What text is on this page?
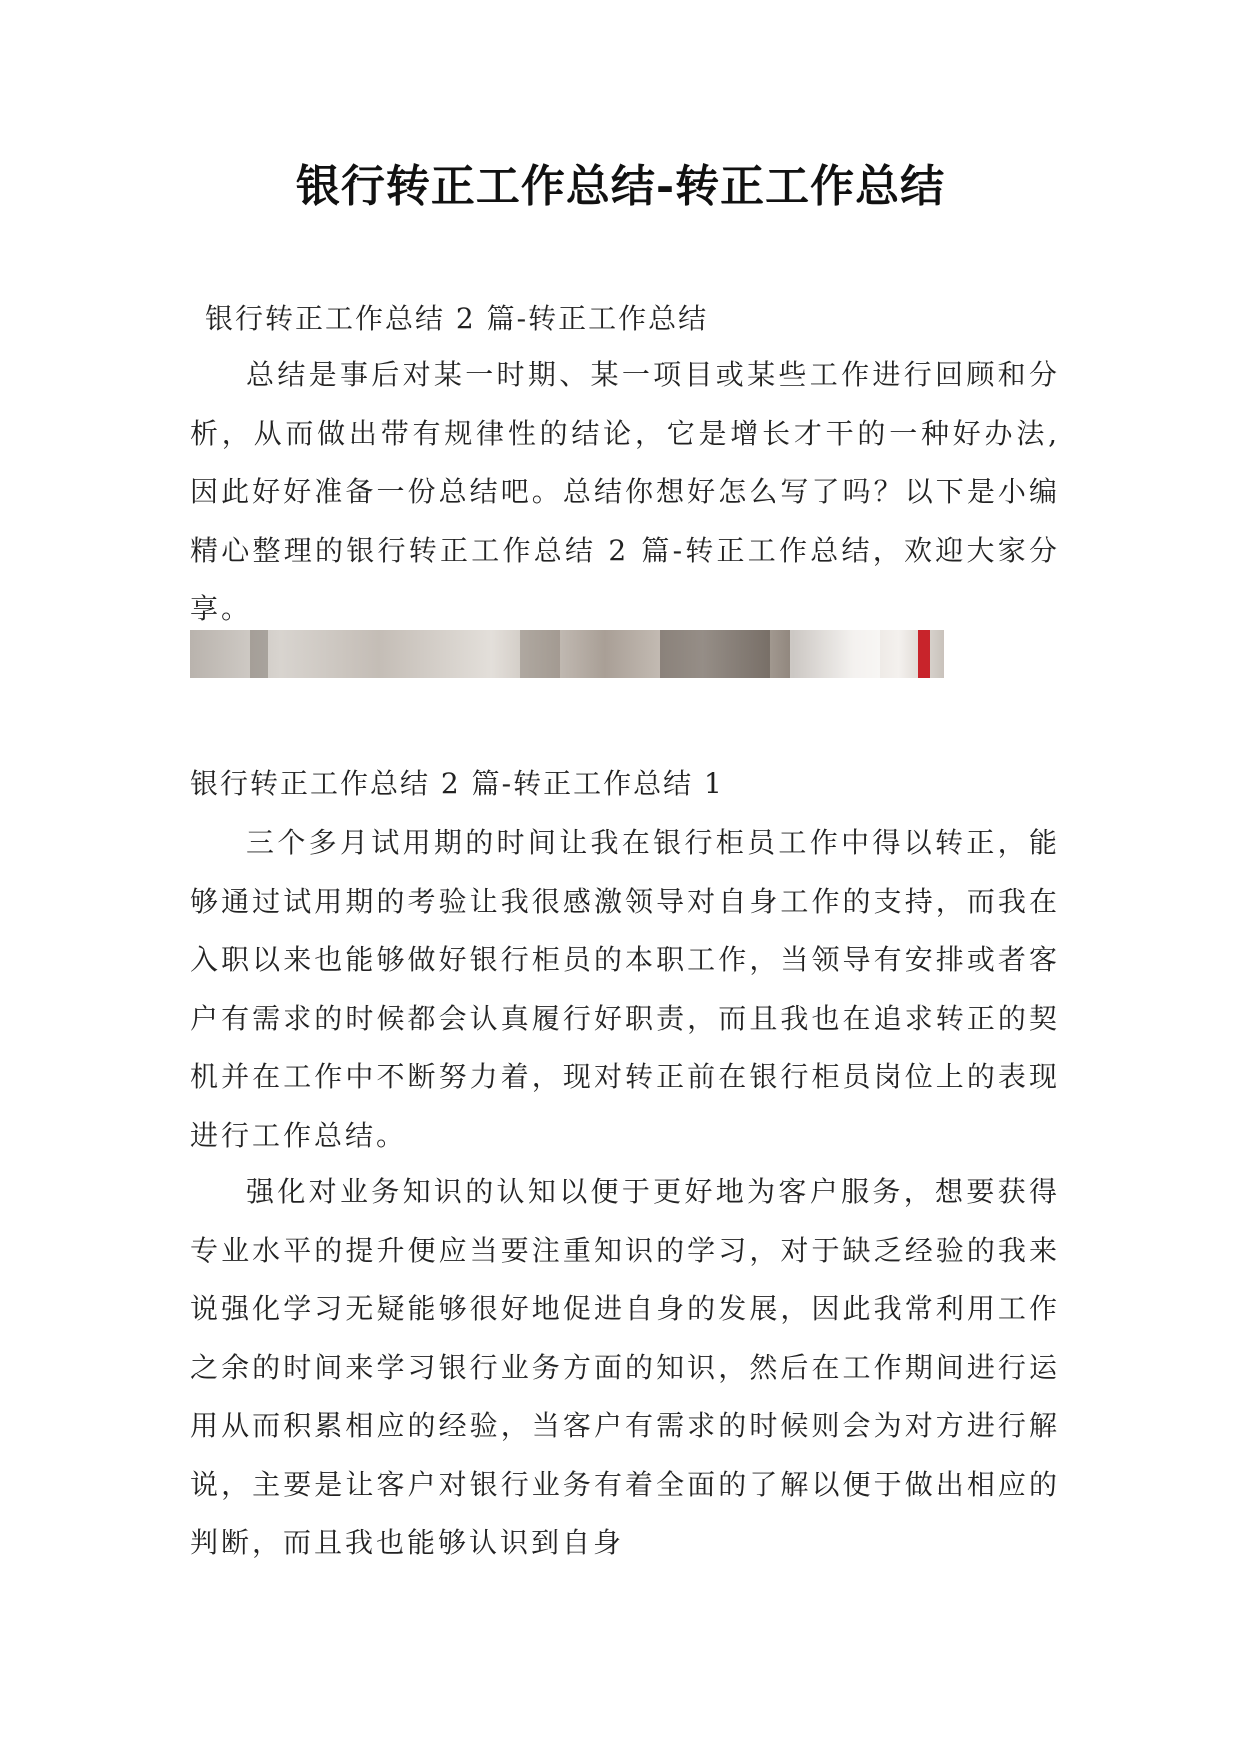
银行转正工作总结-转正工作总结

银行转正工作总结 2 篇-转正工作总结

总结是事后对某一时期、某一项目或某些工作进行回顾和分析，从而做出带有规律性的结论，它是增长才干的一种好办法,因此好好准备一份总结吧。总结你想好怎么写了吗？以下是小编精心整理的银行转正工作总结 2 篇-转正工作总结，欢迎大家分享。

银行转正工作总结 2 篇-转正工作总结 1

三个多月试用期的时间让我在银行柜员工作中得以转正，能够通过试用期的考验让我很感激领导对自身工作的支持，而我在入职以来也能够做好银行柜员的本职工作，当领导有安排或者客户有需求的时候都会认真履行好职责，而且我也在追求转正的契机并在工作中不断努力着，现对转正前在银行柜员岗位上的表现进行工作总结。

强化对业务知识的认知以便于更好地为客户服务，想要获得专业水平的提升便应当要注重知识的学习，对于缺乏经验的我来说强化学习无疑能够很好地促进自身的发展，因此我常利用工作之余的时间来学习银行业务方面的知识，然后在工作期间进行运用从而积累相应的经验，当客户有需求的时候则会为对方进行解说，主要是让客户对银行业务有着全面的了解以便于做出相应的判断，而且我也能够认识到自身
